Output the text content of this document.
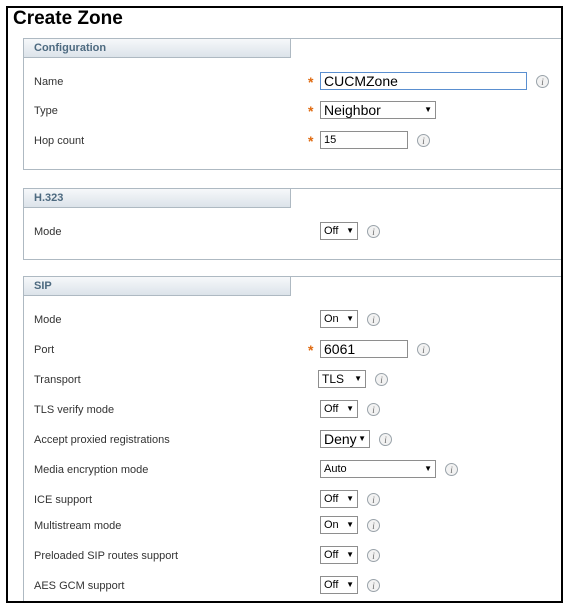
Create Zone
Configuration
Name	* CUCMZone	i
Type	* Neighbor	▼
Hop count	* 15	i
H.323
Mode	Off ▼	i
SIP
Mode	On ▼	i
Port	* 6061	i
Transport	TLS ▼	i
TLS verify mode	Off ▼	i
Accept proxied registrations	Deny ▼	i
Media encryption mode	Auto	▼	i
ICE support	Off ▼	i
Multistream mode	On ▼	i
Preloaded SIP routes support	Off ▼	i
AES GCM support	Off ▼	i
